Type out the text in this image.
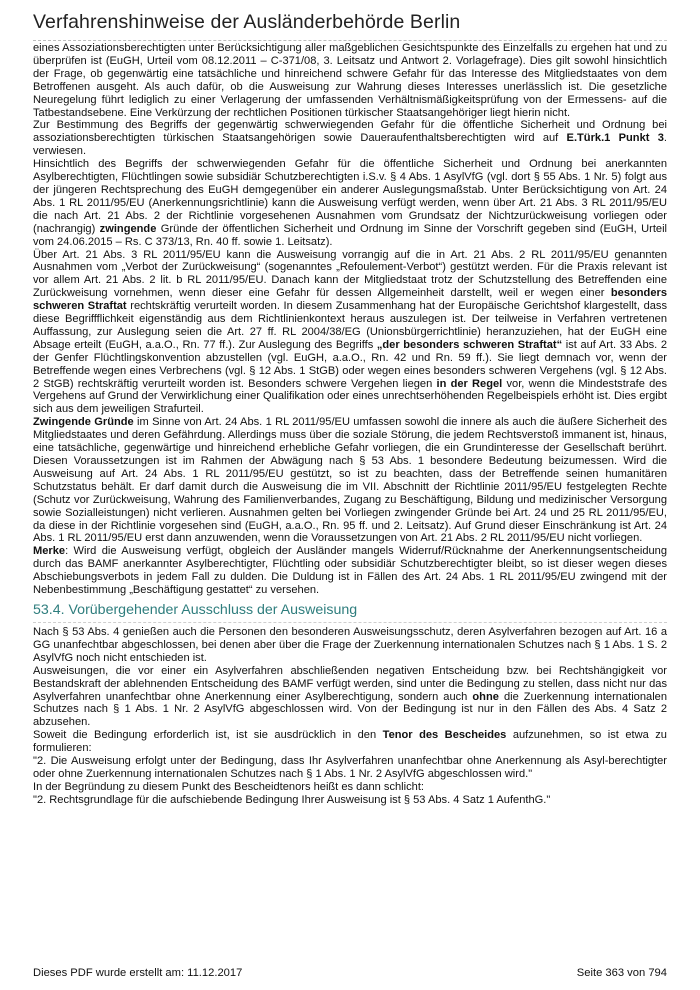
Verfahrenshinweise der Ausländerbehörde Berlin

eines Assoziationsberechtigten unter Berücksichtigung aller maßgeblichen Gesichtspunkte des Einzelfalls zu ergehen hat und zu überprüfen ist (EuGH, Urteil vom 08.12.2011 – C-371/08, 3. Leitsatz und Antwort 2. Vorlagefrage). Dies gilt sowohl hinsichtlich der Frage, ob gegenwärtig eine tatsächliche und hinreichend schwere Gefahr für das Interesse des Mitgliedstaates von dem Betroffenen ausgeht. Als auch dafür, ob die Ausweisung zur Wahrung dieses Interesses unerlässlich ist. Die gesetzliche Neuregelung führt lediglich zu einer Verlagerung der umfassenden Verhältnismäßigkeitsprüfung von der Ermessens- auf die Tatbestandsebene. Eine Verkürzung der rechtlichen Positionen türkischer Staatsangehöriger liegt hierin nicht.

Zur Bestimmung des Begriffs der gegenwärtig schwerwiegenden Gefahr für die öffentliche Sicherheit und Ordnung bei assoziationsberechtigten türkischen Staatsangehörigen sowie Daueraufenthaltsberechtigten wird auf E.Türk.1 Punkt 3. verwiesen.

Hinsichtlich des Begriffs der schwerwiegenden Gefahr für die öffentliche Sicherheit und Ordnung bei anerkannten Asylberechtigten, Flüchtlingen sowie subsidiär Schutzberechtigten i.S.v. § 4 Abs. 1 AsylVfG (vgl. dort § 55 Abs. 1 Nr. 5) folgt aus der jüngeren Rechtsprechung des EuGH demgegenüber ein anderer Auslegungsmaßstab. Unter Berücksichtigung von Art. 24 Abs. 1 RL 2011/95/EU (Anerkennungsrichtlinie) kann die Ausweisung verfügt werden, wenn über Art. 21 Abs. 3 RL 2011/95/EU die nach Art. 21 Abs. 2 der Richtlinie vorgesehenen Ausnahmen vom Grundsatz der Nichtzurückweisung vorliegen oder (nachrangig) zwingende Gründe der öffentlichen Sicherheit und Ordnung im Sinne der Vorschrift gegeben sind (EuGH, Urteil vom 24.06.2015 – Rs. C 373/13, Rn. 40 ff. sowie 1. Leitsatz).

Über Art. 21 Abs. 3 RL 2011/95/EU kann die Ausweisung vorrangig auf die in Art. 21 Abs. 2 RL 2011/95/EU genannten Ausnahmen vom „Verbot der Zurückweisung“ (sogenanntes „Refoulement-Verbot“) gestützt werden. Für die Praxis relevant ist vor allem Art. 21 Abs. 2 lit. b RL 2011/95/EU. Danach kann der Mitgliedstaat trotz der Schutzstellung des Betreffenden eine Zurückweisung vornehmen, wenn dieser eine Gefahr für dessen Allgemeinheit darstellt, weil er wegen einer besonders schweren Straftat rechtskräftig verurteilt worden. In diesem Zusammenhang hat der Europäische Gerichtshof klargestellt, dass diese Begriffflichkeit eigenständig aus dem Richtlinienkontext heraus auszulegen ist. Der teilweise in Verfahren vertretenen Auffassung, zur Auslegung seien die Art. 27 ff. RL 2004/38/EG (Unionsbürgerrichtlinie) heranzuziehen, hat der EuGH eine Absage erteilt (EuGH, a.a.O., Rn. 77 ff.). Zur Auslegung des Begriffs „der besonders schweren Straftat“ ist auf Art. 33 Abs. 2 der Genfer Flüchtlingskonvention abzustellen (vgl. EuGH, a.a.O., Rn. 42 und Rn. 59 ff.). Sie liegt demnach vor, wenn der Betreffende wegen eines Verbrechens (vgl. § 12 Abs. 1 StGB) oder wegen eines besonders schweren Vergehens (vgl. § 12 Abs. 2 StGB) rechtskräftig verurteilt worden ist. Besonders schwere Vergehen liegen in der Regel vor, wenn die Mindeststrafe des Vergehens auf Grund der Verwirklichung einer Qualifikation oder eines unrechtserhöhenden Regelbeispiels erhöht ist. Dies ergibt sich aus dem jeweiligen Strafurteil.

Zwingende Gründe im Sinne von Art. 24 Abs. 1 RL 2011/95/EU umfassen sowohl die innere als auch die äußere Sicherheit des Mitgliedstaates und deren Gefährdung. Allerdings muss über die soziale Störung, die jedem Rechtsverstoß immanent ist, hinaus, eine tatsächliche, gegenwärtige und hinreichend erhebliche Gefahr vorliegen, die ein Grundinteresse der Gesellschaft berührt. Diesen Voraussetzungen ist im Rahmen der Abwägung nach § 53 Abs. 1 besondere Bedeutung beizumessen. Wird die Ausweisung auf Art. 24 Abs. 1 RL 2011/95/EU gestützt, so ist zu beachten, dass der Betreffende seinen humanitären Schutzstatus behält. Er darf damit durch die Ausweisung die im VII. Abschnitt der Richtlinie 2011/95/EU festgelegten Rechte (Schutz vor Zurückweisung, Wahrung des Familienverbandes, Zugang zu Beschäftigung, Bildung und medizinischer Versorgung sowie Sozialleistungen) nicht verlieren. Ausnahmen gelten bei Vorliegen zwingender Gründe bei Art. 24 und 25 RL 2011/95/EU, da diese in der Richtlinie vorgesehen sind (EuGH, a.a.O., Rn. 95 ff. und 2. Leitsatz). Auf Grund dieser Einschränkung ist Art. 24 Abs. 1 RL 2011/95/EU erst dann anzuwenden, wenn die Voraussetzungen von Art. 21 Abs. 2 RL 2011/95/EU nicht vorliegen.

Merke: Wird die Ausweisung verfügt, obgleich der Ausländer mangels Widerruf/Rücknahme der Anerkennungsentscheidung durch das BAMF anerkannter Asylberechtigter, Flüchtling oder subsidiär Schutzberechtigter bleibt, so ist dieser wegen dieses Abschiebungsverbots in jedem Fall zu dulden. Die Duldung ist in Fällen des Art. 24 Abs. 1 RL 2011/95/EU zwingend mit der Nebenbestimmung „Beschäftigung gestattet“ zu versehen.

53.4. Vorübergehender Ausschluss der Ausweisung

Nach § 53 Abs. 4 genießen auch die Personen den besonderen Ausweisungsschutz, deren Asylverfahren bezogen auf Art. 16 a GG unanfechtbar abgeschlossen, bei denen aber über die Frage der Zuerkennung internationalen Schutzes nach § 1 Abs. 1 S. 2 AsylVfG noch nicht entschieden ist.

Ausweisungen, die vor einer ein Asylverfahren abschließenden negativen Entscheidung bzw. bei Rechtshängigkeit vor Bestandskraft der ablehnenden Entscheidung des BAMF verfügt werden, sind unter die Bedingung zu stellen, dass nicht nur das Asylverfahren unanfechtbar ohne Anerkennung einer Asylberechtigung, sondern auch ohne die Zuerkennung internationalen Schutzes nach § 1 Abs. 1 Nr. 2 AsylVfG abgeschlossen wird. Von der Bedingung ist nur in den Fällen des Abs. 4 Satz 2 abzusehen.

Soweit die Bedingung erforderlich ist, ist sie ausdrücklich in den Tenor des Bescheides aufzunehmen, so ist etwa zu formulieren:

"2. Die Ausweisung erfolgt unter der Bedingung, dass Ihr Asylverfahren unanfechtbar ohne Anerkennung als Asyl-berechtigter oder ohne Zuerkennung internationalen Schutzes nach § 1 Abs. 1 Nr. 2 AsylVfG abgeschlossen wird."

In der Begründung zu diesem Punkt des Bescheidtenors heißt es dann schlicht:

"2. Rechtsgrundlage für die aufschiebende Bedingung Ihrer Ausweisung ist § 53 Abs. 4 Satz 1 AufenthG."

Dieses PDF wurde erstellt am: 11.12.2017	Seite 363 von 794
